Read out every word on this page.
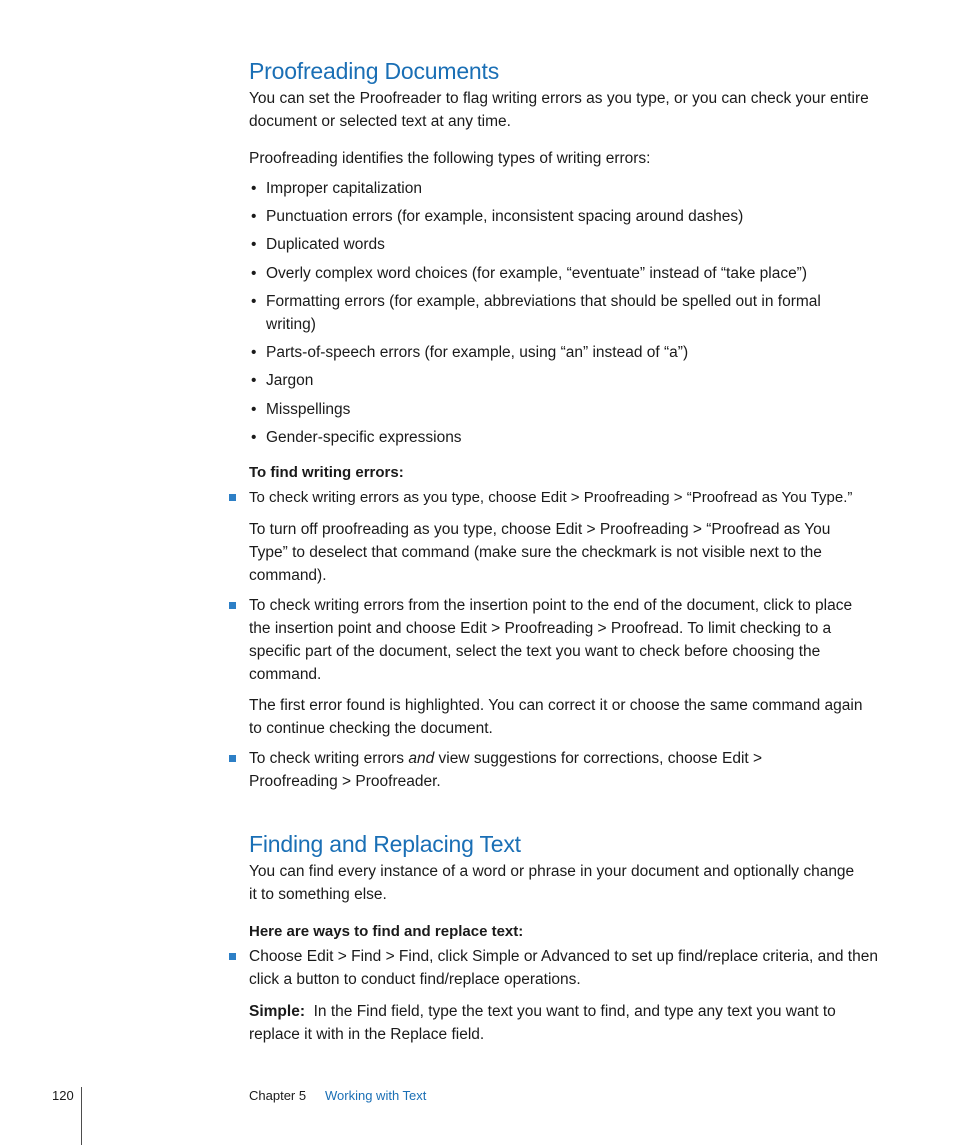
Proofreading Documents

You can set the Proofreader to flag writing errors as you type, or you can check your entire document or selected text at any time.

Proofreading identifies the following types of writing errors:

• Improper capitalization
• Punctuation errors (for example, inconsistent spacing around dashes)
• Duplicated words
• Overly complex word choices (for example, “eventuate” instead of “take place”)
• Formatting errors (for example, abbreviations that should be spelled out in formal writing)
• Parts-of-speech errors (for example, using “an” instead of “a”)
• Jargon
• Misspellings
• Gender-specific expressions

To find writing errors:

To check writing errors as you type, choose Edit > Proofreading > “Proofread as You Type.”

To turn off proofreading as you type, choose Edit > Proofreading > “Proofread as You Type” to deselect that command (make sure the checkmark is not visible next to the command).

To check writing errors from the insertion point to the end of the document, click to place the insertion point and choose Edit > Proofreading > Proofread. To limit checking to a specific part of the document, select the text you want to check before choosing the command.

The first error found is highlighted. You can correct it or choose the same command again to continue checking the document.

To check writing errors and view suggestions for corrections, choose Edit > Proofreading > Proofreader.
Finding and Replacing Text

You can find every instance of a word or phrase in your document and optionally change it to something else.

Here are ways to find and replace text:

Choose Edit > Find > Find, click Simple or Advanced to set up find/replace criteria, and then click a button to conduct find/replace operations.

Simple: In the Find field, type the text you want to find, and type any text you want to replace it with in the Replace field.

120	Chapter 5 Working with Text
